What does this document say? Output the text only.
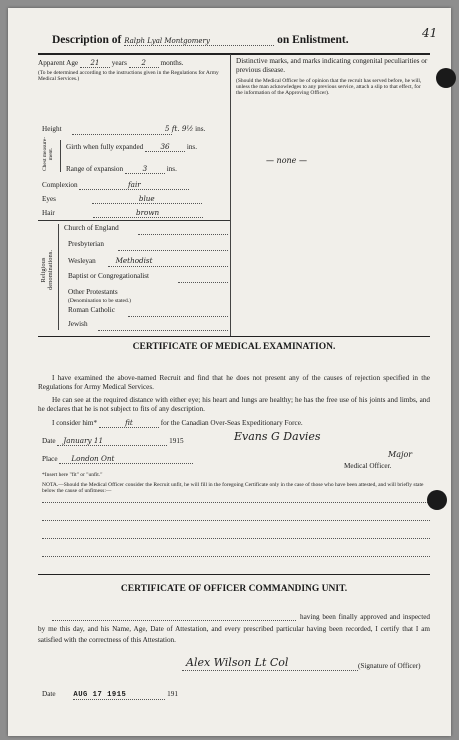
Description of Ralph Lyal Montgomery	on Enlistment.	41
Apparent Age 21 years 2 months.
(To be determined according to the instructions given in the Regulations for Army Medical Services.)
Height	5 ft. 9½ ins.
Chest measure-ment.
Girth when fully expanded 36 ins.
Range of expansion	3	ins.
Complexion	fair
Eyes	blue
Hair	brown
Religious denominations.
Church of England
Presbyterian
Wesleyan	Methodist
Baptist or Congregationalist
Other Protestants
(Denomination to be stated.)
Roman Catholic
Jewish
Distinctive marks, and marks indicating congenital peculiarities or previous disease.
(Should the Medical Officer be of opinion that the recruit has served before, he will, unless the man acknowledges to any previous service, attach a slip to that effect, for the information of the Approving Officer).
— none —
CERTIFICATE OF MEDICAL EXAMINATION.
I have examined the above-named Recruit and find that he does not present any of the causes of rejection specified in the Regulations for Army Medical Services.
He can see at the required distance with either eye; his heart and lungs are healthy; he has the free use of his joints and limbs, and he declares that he is not subject to fits of any description.
I consider him*	fit	for the Canadian Over-Seas Expeditionary Force.
Date January 11	1915	Evans G Davies
Place London Ont	Major
Medical Officer.
*Insert here "fit" or "unfit."
NOTA.—Should the Medical Officer consider the Recruit unfit, he will fill in the foregoing Certificate only in the case of those who have been attested, and will briefly state below the cause of unfitness:—
CERTIFICATE OF OFFICER COMMANDING UNIT.
having been finally approved and inspected by me this day, and his Name, Age, Date of Attestation, and every prescribed particular having been recorded, I certify that I am satisfied with the correctness of this Attestation.
Alex Wilson Lt Col	(Signature of Officer)
Date AUG 17 1915	191
